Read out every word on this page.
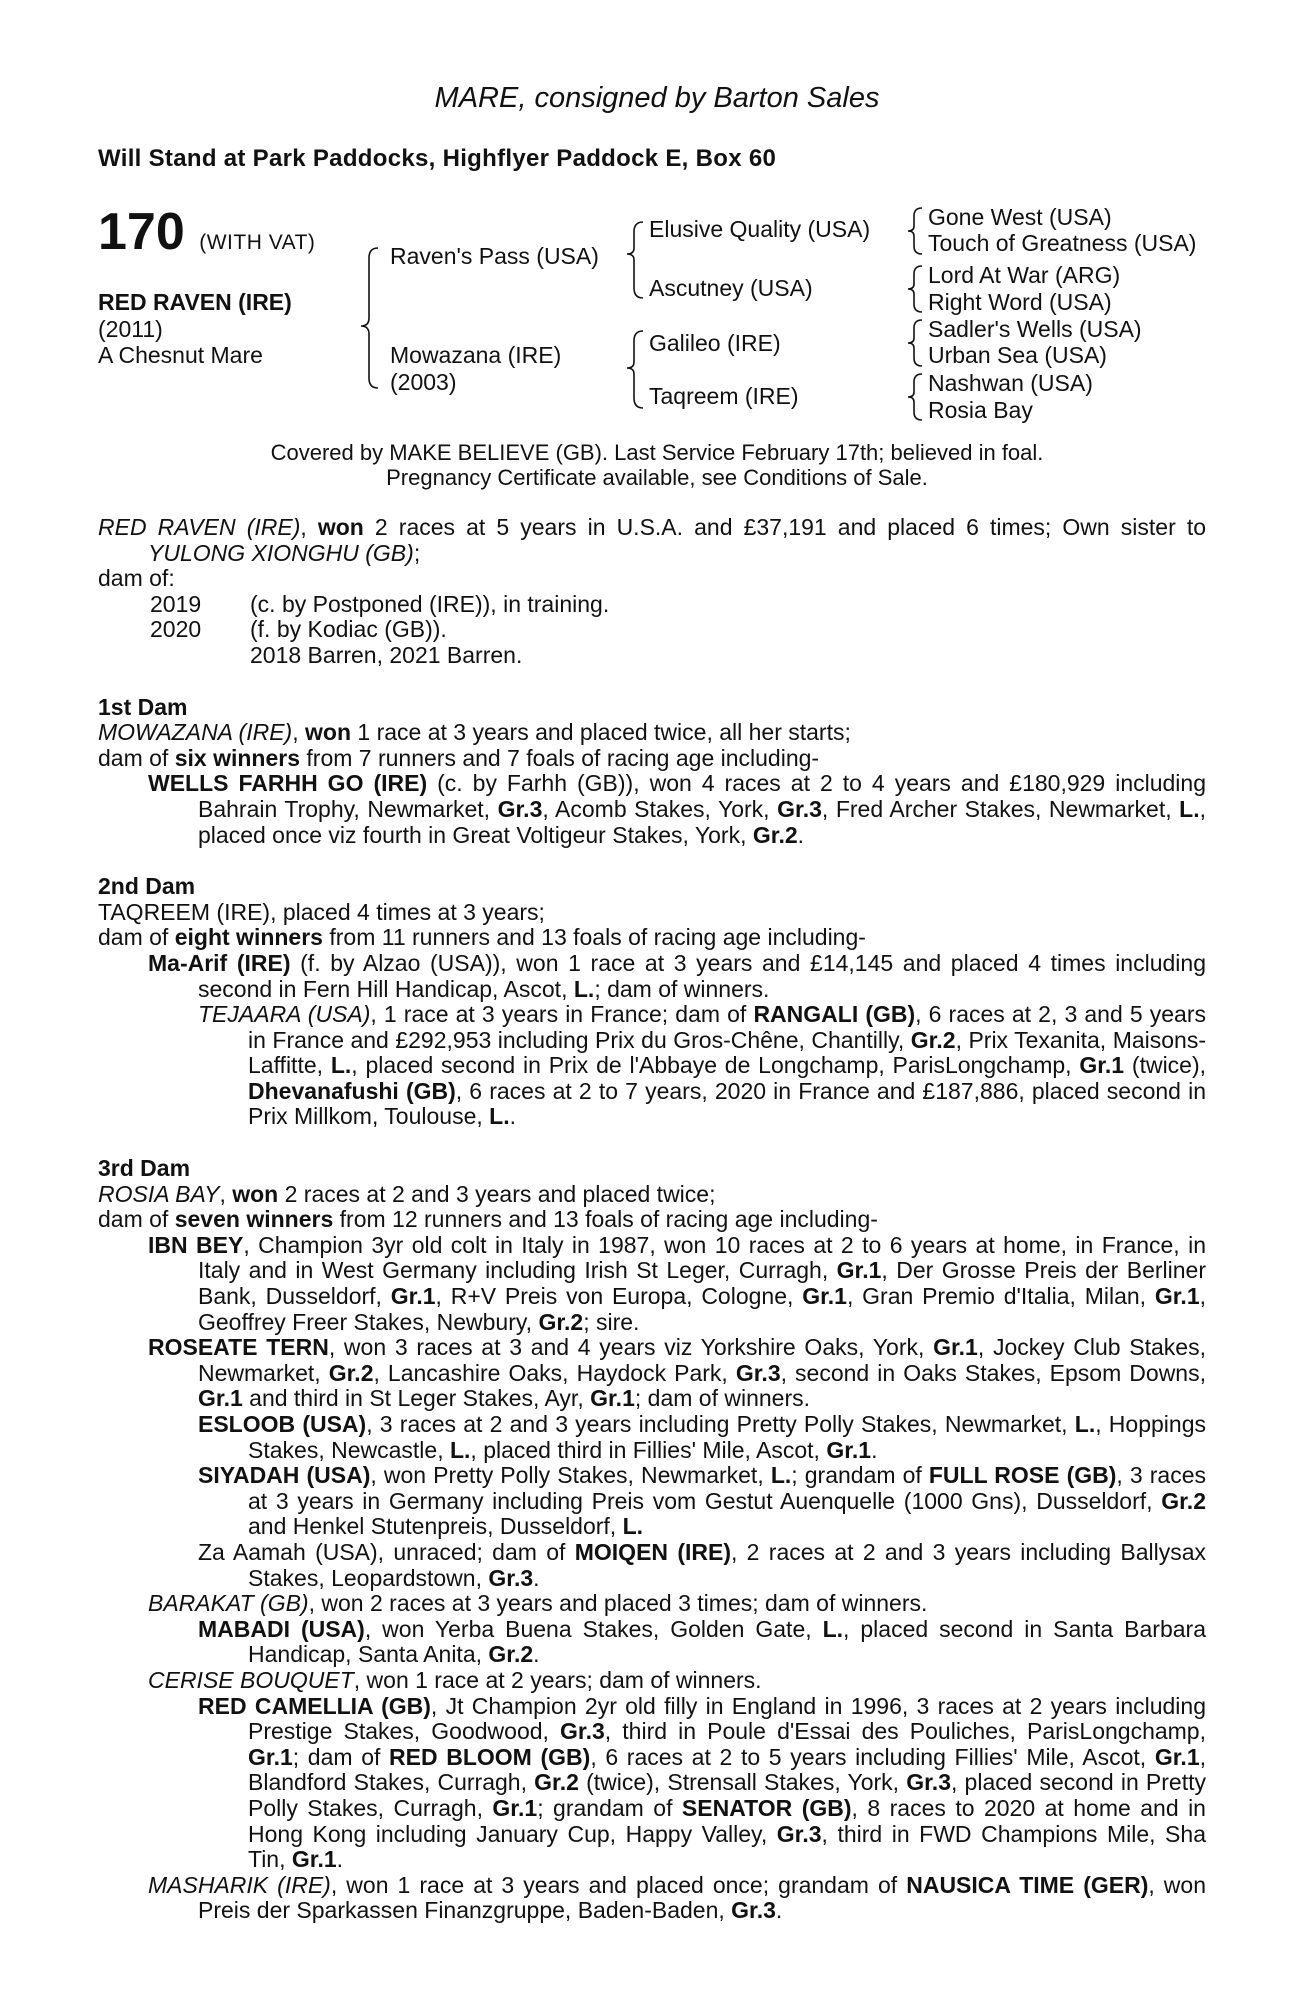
MARE, consigned by Barton Sales
Will Stand at Park Paddocks, Highflyer Paddock E, Box 60
170 (WITH VAT)
RED RAVEN (IRE)
(2011)
A Chesnut Mare
Raven's Pass (USA)
Mowazana (IRE)
(2003)
Elusive Quality (USA)
Ascutney (USA)
Galileo (IRE)
Taqreem (IRE)
Gone West (USA)
Touch of Greatness (USA)
Lord At War (ARG)
Right Word (USA)
Sadler's Wells (USA)
Urban Sea (USA)
Nashwan (USA)
Rosia Bay
Covered by MAKE BELIEVE (GB). Last Service February 17th; believed in foal.
Pregnancy Certificate available, see Conditions of Sale.

RED RAVEN (IRE), won 2 races at 5 years in U.S.A. and £37,191 and placed 6 times; Own sister to YULONG XIONGHU (GB);

dam of:

2019	(c. by Postponed (IRE)), in training.
2020	(f. by Kodiac (GB)).
2018 Barren, 2021 Barren.

1st Dam

MOWAZANA (IRE), won 1 race at 3 years and placed twice, all her starts;

dam of six winners from 7 runners and 7 foals of racing age including-

WELLS FARHH GO (IRE) (c. by Farhh (GB)), won 4 races at 2 to 4 years and £180,929 including Bahrain Trophy, Newmarket, Gr.3, Acomb Stakes, York, Gr.3, Fred Archer Stakes, Newmarket, L., placed once viz fourth in Great Voltigeur Stakes, York, Gr.2.

2nd Dam

TAQREEM (IRE), placed 4 times at 3 years;

dam of eight winners from 11 runners and 13 foals of racing age including-

Ma-Arif (IRE) (f. by Alzao (USA)), won 1 race at 3 years and £14,145 and placed 4 times including second in Fern Hill Handicap, Ascot, L.; dam of winners.

TEJAARA (USA), 1 race at 3 years in France; dam of RANGALI (GB), 6 races at 2, 3 and 5 years in France and £292,953 including Prix du Gros-Chêne, Chantilly, Gr.2, Prix Texanita, Maisons-Laffitte, L., placed second in Prix de l'Abbaye de Longchamp, ParisLongchamp, Gr.1 (twice), Dhevanafushi (GB), 6 races at 2 to 7 years, 2020 in France and £187,886, placed second in Prix Millkom, Toulouse, L..

3rd Dam

ROSIA BAY, won 2 races at 2 and 3 years and placed twice;

dam of seven winners from 12 runners and 13 foals of racing age including-

IBN BEY, Champion 3yr old colt in Italy in 1987, won 10 races at 2 to 6 years at home, in France, in Italy and in West Germany including Irish St Leger, Curragh, Gr.1, Der Grosse Preis der Berliner Bank, Dusseldorf, Gr.1, R+V Preis von Europa, Cologne, Gr.1, Gran Premio d'Italia, Milan, Gr.1, Geoffrey Freer Stakes, Newbury, Gr.2; sire.

ROSEATE TERN, won 3 races at 3 and 4 years viz Yorkshire Oaks, York, Gr.1, Jockey Club Stakes, Newmarket, Gr.2, Lancashire Oaks, Haydock Park, Gr.3, second in Oaks Stakes, Epsom Downs, Gr.1 and third in St Leger Stakes, Ayr, Gr.1; dam of winners.

ESLOOB (USA), 3 races at 2 and 3 years including Pretty Polly Stakes, Newmarket, L., Hoppings Stakes, Newcastle, L., placed third in Fillies' Mile, Ascot, Gr.1.

SIYADAH (USA), won Pretty Polly Stakes, Newmarket, L.; grandam of FULL ROSE (GB), 3 races at 3 years in Germany including Preis vom Gestut Auenquelle (1000 Gns), Dusseldorf, Gr.2 and Henkel Stutenpreis, Dusseldorf, L.

Za Aamah (USA), unraced; dam of MOIQEN (IRE), 2 races at 2 and 3 years including Ballysax Stakes, Leopardstown, Gr.3.

BARAKAT (GB), won 2 races at 3 years and placed 3 times; dam of winners.

MABADI (USA), won Yerba Buena Stakes, Golden Gate, L., placed second in Santa Barbara Handicap, Santa Anita, Gr.2.

CERISE BOUQUET, won 1 race at 2 years; dam of winners.

RED CAMELLIA (GB), Jt Champion 2yr old filly in England in 1996, 3 races at 2 years including Prestige Stakes, Goodwood, Gr.3, third in Poule d'Essai des Pouliches, ParisLongchamp, Gr.1; dam of RED BLOOM (GB), 6 races at 2 to 5 years including Fillies' Mile, Ascot, Gr.1, Blandford Stakes, Curragh, Gr.2 (twice), Strensall Stakes, York, Gr.3, placed second in Pretty Polly Stakes, Curragh, Gr.1; grandam of SENATOR (GB), 8 races to 2020 at home and in Hong Kong including January Cup, Happy Valley, Gr.3, third in FWD Champions Mile, Sha Tin, Gr.1.

MASHARIK (IRE), won 1 race at 3 years and placed once; grandam of NAUSICA TIME (GER), won Preis der Sparkassen Finanzgruppe, Baden-Baden, Gr.3.
